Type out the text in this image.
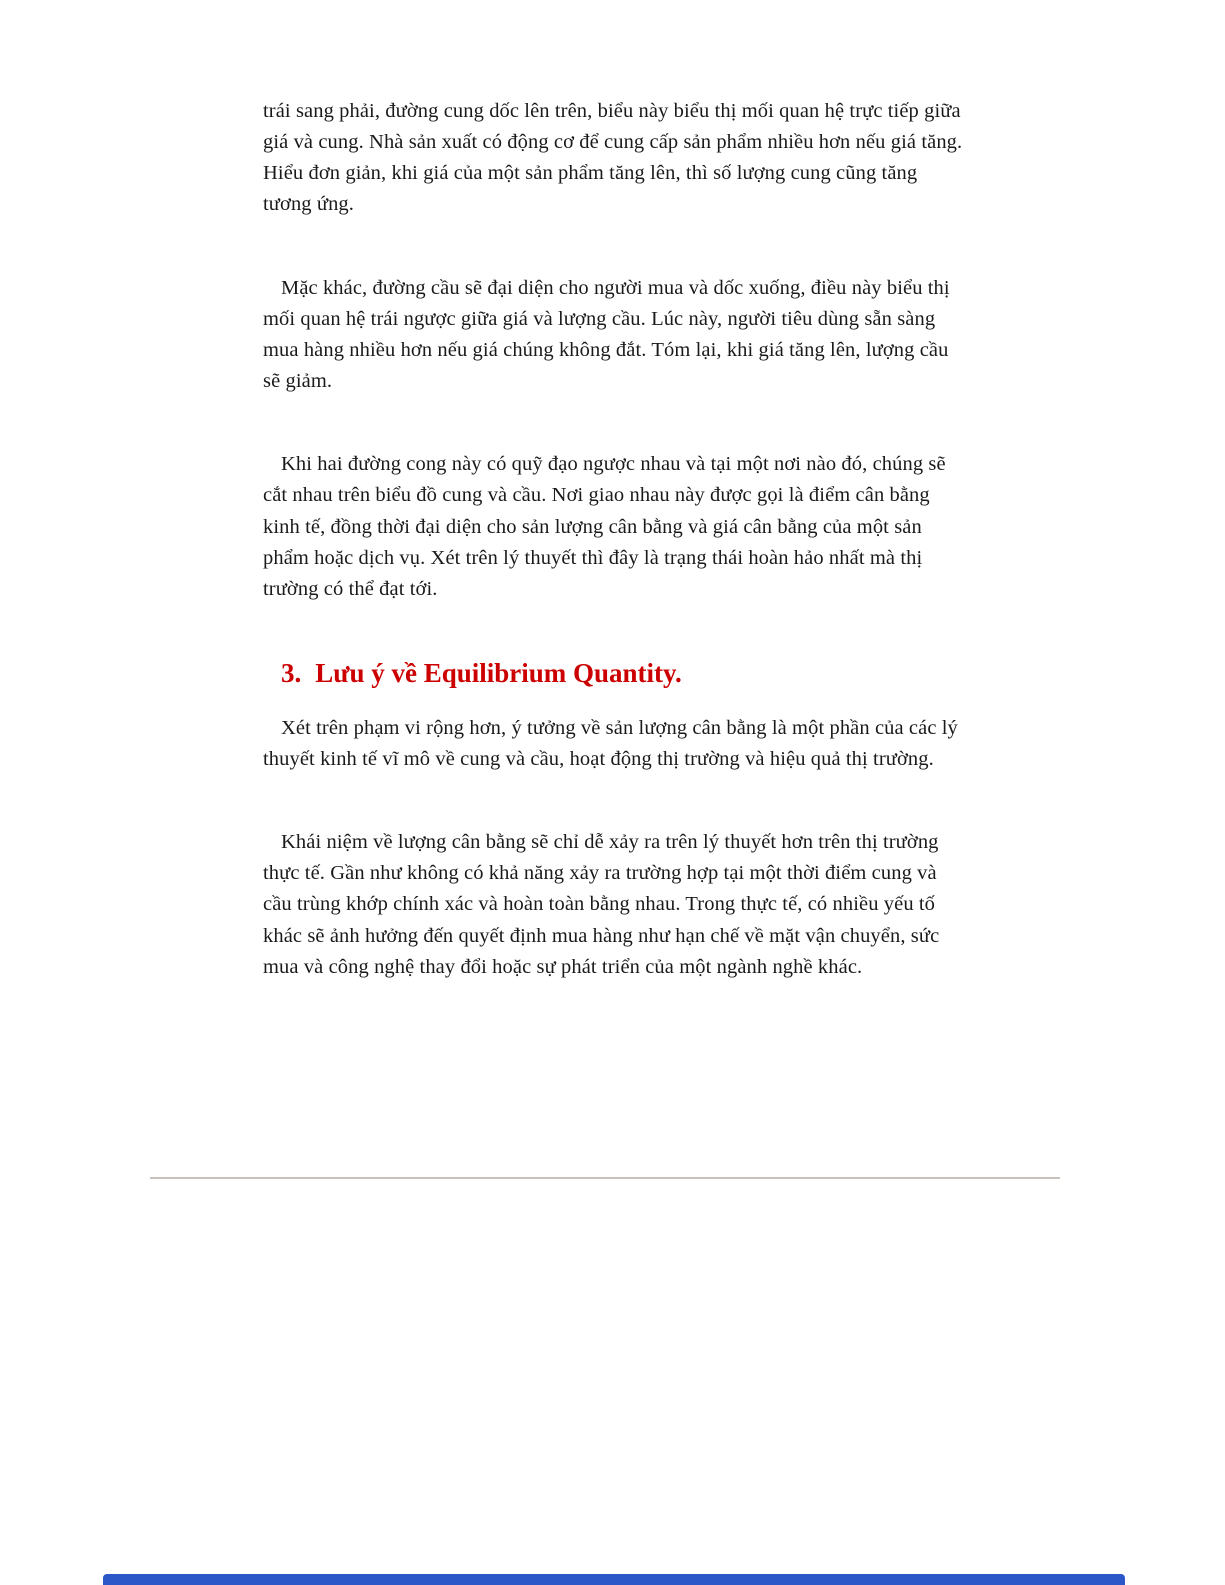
trái sang phải, đường cung dốc lên trên, biểu này biểu thị mối quan hệ trực tiếp giữa giá và cung. Nhà sản xuất có động cơ để cung cấp sản phẩm nhiều hơn nếu giá tăng. Hiểu đơn giản, khi giá của một sản phẩm tăng lên, thì số lượng cung cũng tăng tương ứng.

Mặc khác, đường cầu sẽ đại diện cho người mua và dốc xuống, điều này biểu thị mối quan hệ trái ngược giữa giá và lượng cầu. Lúc này, người tiêu dùng sẵn sàng mua hàng nhiều hơn nếu giá chúng không đắt. Tóm lại, khi giá tăng lên, lượng cầu sẽ giảm.

Khi hai đường cong này có quỹ đạo ngược nhau và tại một nơi nào đó, chúng sẽ cắt nhau trên biểu đồ cung và cầu. Nơi giao nhau này được gọi là điểm cân bằng kinh tế, đồng thời đại diện cho sản lượng cân bằng và giá cân bằng của một sản phẩm hoặc dịch vụ. Xét trên lý thuyết thì đây là trạng thái hoàn hảo nhất mà thị trường có thể đạt tới.

3. Lưu ý về Equilibrium Quantity.

Xét trên phạm vi rộng hơn, ý tưởng về sản lượng cân bằng là một phần của các lý thuyết kinh tế vĩ mô về cung và cầu, hoạt động thị trường và hiệu quả thị trường.

Khái niệm về lượng cân bằng sẽ chỉ dễ xảy ra trên lý thuyết hơn trên thị trường thực tế. Gần như không có khả năng xảy ra trường hợp tại một thời điểm cung và cầu trùng khớp chính xác và hoàn toàn bằng nhau. Trong thực tế, có nhiều yếu tố khác sẽ ảnh hưởng đến quyết định mua hàng như hạn chế về mặt vận chuyển, sức mua và công nghệ thay đổi hoặc sự phát triển của một ngành nghề khác.
